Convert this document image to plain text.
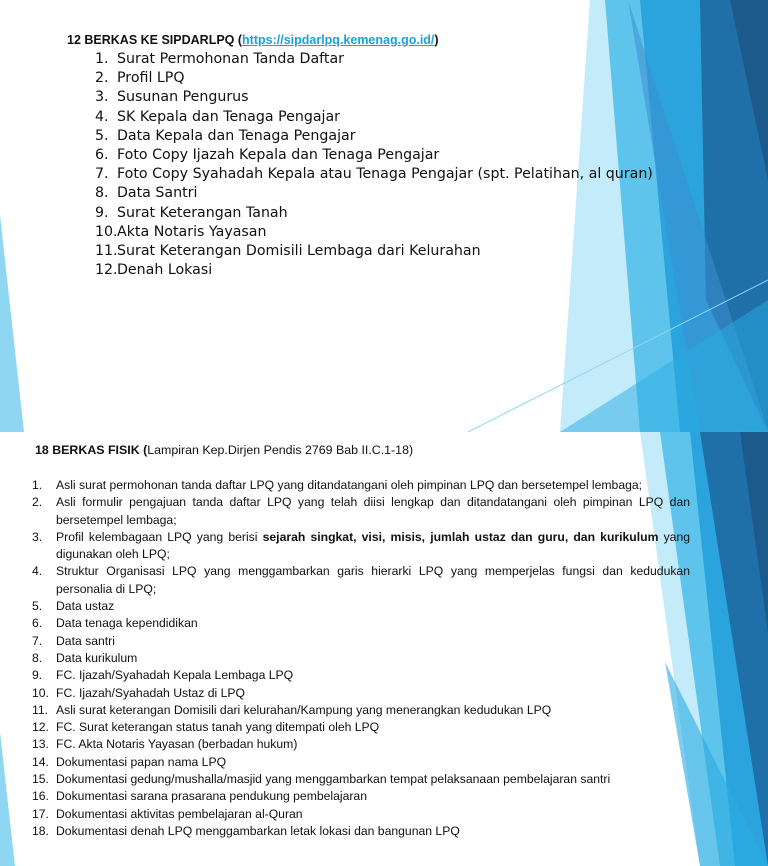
12 BERKAS KE SIPDARLPQ (https://sipdarlpq.kemenag.go.id/)
1. Surat Permohonan Tanda Daftar
2. Profil LPQ
3. Susunan Pengurus
4. SK Kepala dan Tenaga Pengajar
5. Data Kepala dan Tenaga Pengajar
6. Foto Copy Ijazah Kepala dan Tenaga Pengajar
7. Foto Copy Syahadah Kepala atau Tenaga Pengajar (spt. Pelatihan, al quran)
8. Data Santri
9. Surat Keterangan Tanah
10. Akta Notaris Yayasan
11. Surat Keterangan Domisili Lembaga dari Kelurahan
12. Denah Lokasi
18 BERKAS FISIK (Lampiran Kep.Dirjen Pendis 2769 Bab II.C.1-18)
1. Asli surat permohonan tanda daftar LPQ yang ditandatangani oleh pimpinan LPQ dan bersetempel lembaga;
2. Asli formulir pengajuan tanda daftar LPQ yang telah diisi lengkap dan ditandatangani oleh pimpinan LPQ dan bersetempel lembaga;
3. Profil kelembagaan LPQ yang berisi sejarah singkat, visi, misis, jumlah ustaz dan guru, dan kurikulum yang digunakan oleh LPQ;
4. Struktur Organisasi LPQ yang menggambarkan garis hierarki LPQ yang memperjelas fungsi dan kedudukan personalia di LPQ;
5. Data ustaz
6. Data tenaga kependidikan
7. Data santri
8. Data kurikulum
9. FC. Ijazah/Syahadah Kepala Lembaga LPQ
10. FC. Ijazah/Syahadah Ustaz di LPQ
11. Asli surat keterangan Domisili dari kelurahan/Kampung yang menerangkan kedudukan LPQ
12. FC. Surat keterangan status tanah yang ditempati oleh LPQ
13. FC. Akta Notaris Yayasan (berbadan hukum)
14. Dokumentasi papan nama LPQ
15. Dokumentasi gedung/mushalla/masjid yang menggambarkan tempat pelaksanaan pembelajaran santri
16. Dokumentasi sarana prasarana pendukung pembelajaran
17. Dokumentasi aktivitas pembelajaran al-Quran
18. Dokumentasi denah LPQ menggambarkan letak lokasi dan bangunan LPQ
